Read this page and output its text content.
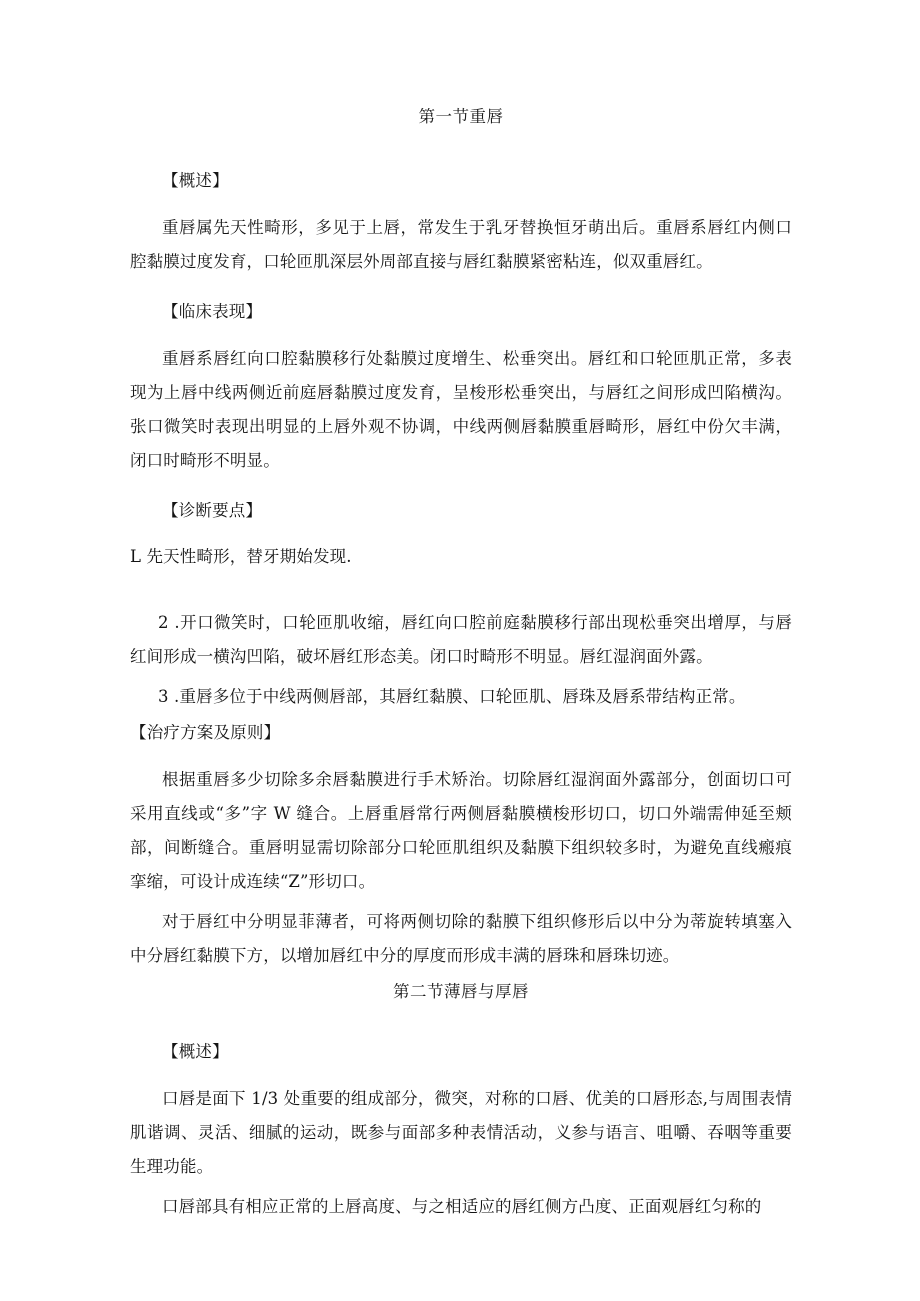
第一节重唇
【概述】

重唇属先天性畸形，多见于上唇，常发生于乳牙替换恒牙萌出后。重唇系唇红内侧口腔黏膜过度发育，口轮匝肌深层外周部直接与唇红黏膜紧密粘连，似双重唇红。

【临床表现】

重唇系唇红向口腔黏膜移行处黏膜过度增生、松垂突出。唇红和口轮匝肌正常，多表现为上唇中线两侧近前庭唇黏膜过度发育，呈梭形松垂突出，与唇红之间形成凹陷横沟。张口微笑时表现出明显的上唇外观不协调，中线两侧唇黏膜重唇畸形，唇红中份欠丰满，闭口时畸形不明显。

【诊断要点】

L 先天性畸形，替牙期始发现.

2 .开口微笑时，口轮匝肌收缩，唇红向口腔前庭黏膜移行部出现松垂突出增厚，与唇红间形成一横沟凹陷，破坏唇红形态美。闭口时畸形不明显。唇红湿润面外露。

3 .重唇多位于中线两侧唇部，其唇红黏膜、口轮匝肌、唇珠及唇系带结构正常。

【治疗方案及原则】

根据重唇多少切除多余唇黏膜进行手术矫治。切除唇红湿润面外露部分，创面切口可采用直线或“多”字 W 缝合。上唇重唇常行两侧唇黏膜横梭形切口，切口外端需伸延至颊部，间断缝合。重唇明显需切除部分口轮匝肌组织及黏膜下组织较多时，为避免直线瘢痕挛缩，可设计成连续“Z”形切口。

对于唇红中分明显菲薄者，可将两侧切除的黏膜下组织修形后以中分为蒂旋转填塞入中分唇红黏膜下方，以增加唇红中分的厚度而形成丰满的唇珠和唇珠切迹。

第二节薄唇与厚唇
【概述】

口唇是面下 1/3 处重要的组成部分，微突，对称的口唇、优美的口唇形态,与周围表情肌谐调、灵活、细腻的运动，既参与面部多种表情活动，义参与语言、咀嚼、吞咽等重要生理功能。

口唇部具有相应正常的上唇高度、与之相适应的唇红侧方凸度、正面观唇红匀称的
